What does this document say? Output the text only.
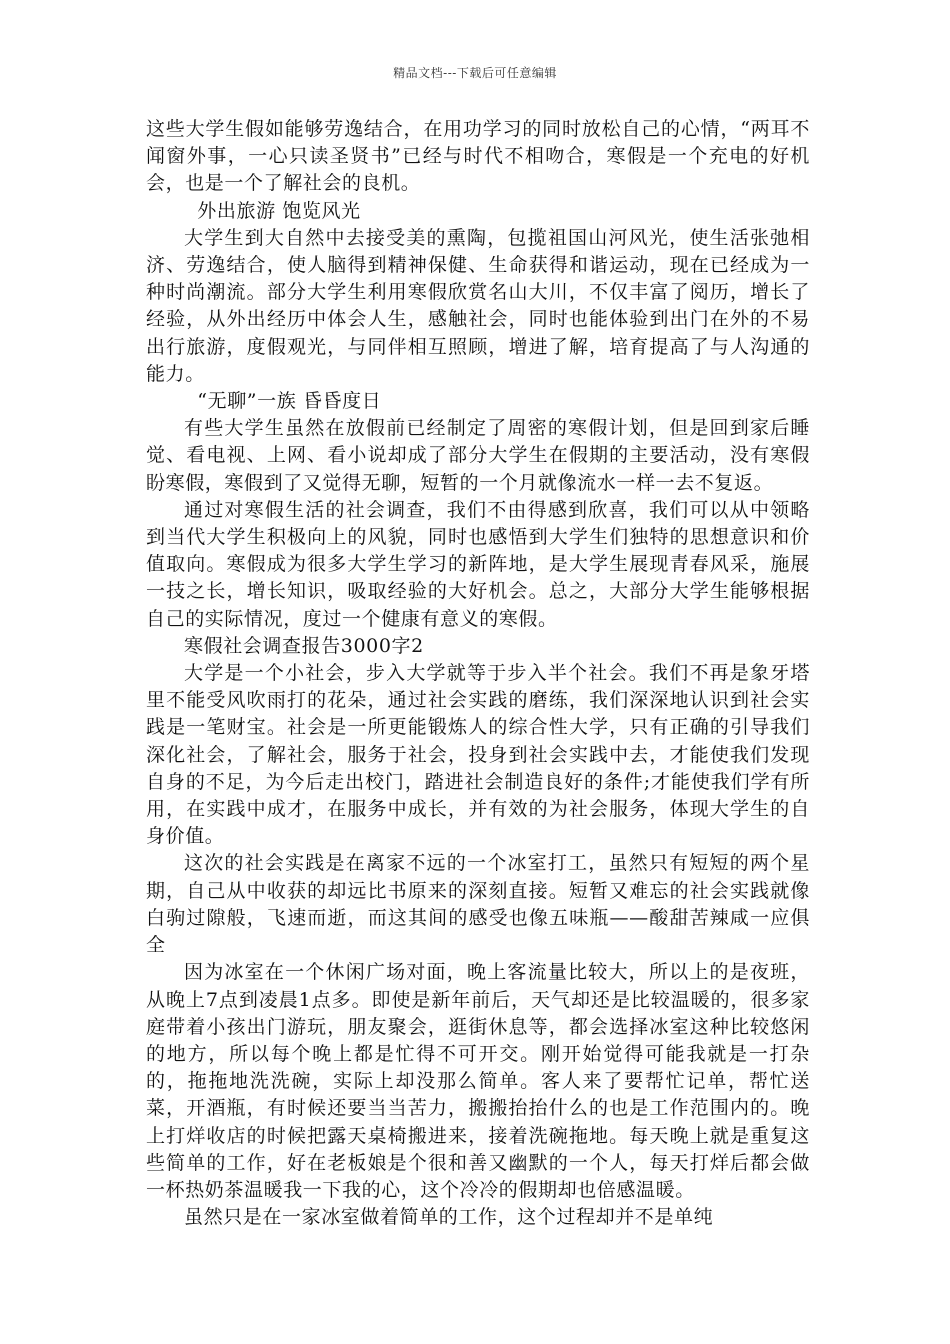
精品文档---下载后可任意编辑

这些大学生假如能够劳逸结合，在用功学习的同时放松自己的心情，“两耳不闻窗外事，一心只读圣贤书”已经与时代不相吻合，寒假是一个充电的好机会，也是一个了解社会的良机。

外出旅游 饱览风光

大学生到大自然中去接受美的熏陶，包揽祖国山河风光，使生活张弛相济、劳逸结合，使人脑得到精神保健、生命获得和谐运动，现在已经成为一种时尚潮流。部分大学生利用寒假欣赏名山大川，不仅丰富了阅历，增长了经验，从外出经历中体会人生，感触社会，同时也能体验到出门在外的不易出行旅游，度假观光，与同伴相互照顾，增进了解，培育提高了与人沟通的能力。

“无聊”一族 昏昏度日

有些大学生虽然在放假前已经制定了周密的寒假计划，但是回到家后睡觉、看电视、上网、看小说却成了部分大学生在假期的主要活动，没有寒假盼寒假，寒假到了又觉得无聊，短暂的一个月就像流水一样一去不复返。

通过对寒假生活的社会调查，我们不由得感到欣喜，我们可以从中领略到当代大学生积极向上的风貌，同时也感悟到大学生们独特的思想意识和价值取向。寒假成为很多大学生学习的新阵地，是大学生展现青春风采，施展一技之长，增长知识，吸取经验的大好机会。总之，大部分大学生能够根据自己的实际情况，度过一个健康有意义的寒假。

寒假社会调查报告3000字2

大学是一个小社会，步入大学就等于步入半个社会。我们不再是象牙塔里不能受风吹雨打的花朵，通过社会实践的磨练，我们深深地认识到社会实践是一笔财宝。社会是一所更能锻炼人的综合性大学，只有正确的引导我们深化社会，了解社会，服务于社会，投身到社会实践中去，才能使我们发现自身的不足，为今后走出校门，踏进社会制造良好的条件;才能使我们学有所用，在实践中成才，在服务中成长，并有效的为社会服务，体现大学生的自身价值。

这次的社会实践是在离家不远的一个冰室打工，虽然只有短短的两个星期，自己从中收获的却远比书原来的深刻直接。短暂又难忘的社会实践就像白驹过隙般，飞速而逝，而这其间的感受也像五味瓶——酸甜苦辣咸一应俱全

因为冰室在一个休闲广场对面，晚上客流量比较大，所以上的是夜班，从晚上7点到凌晨1点多。即使是新年前后，天气却还是比较温暖的，很多家庭带着小孩出门游玩，朋友聚会，逛街休息等，都会选择冰室这种比较悠闲的地方，所以每个晚上都是忙得不可开交。刚开始觉得可能我就是一打杂的，拖拖地洗洗碗，实际上却没那么简单。客人来了要帮忙记单，帮忙送菜，开酒瓶，有时候还要当当苦力，搬搬抬抬什么的也是工作范围内的。晚上打烊收店的时候把露天桌椅搬进来，接着洗碗拖地。每天晚上就是重复这些简单的工作，好在老板娘是个很和善又幽默的一个人，每天打烊后都会做一杯热奶茶温暖我一下我的心，这个冷冷的假期却也倍感温暖。

虽然只是在一家冰室做着简单的工作，这个过程却并不是单纯
